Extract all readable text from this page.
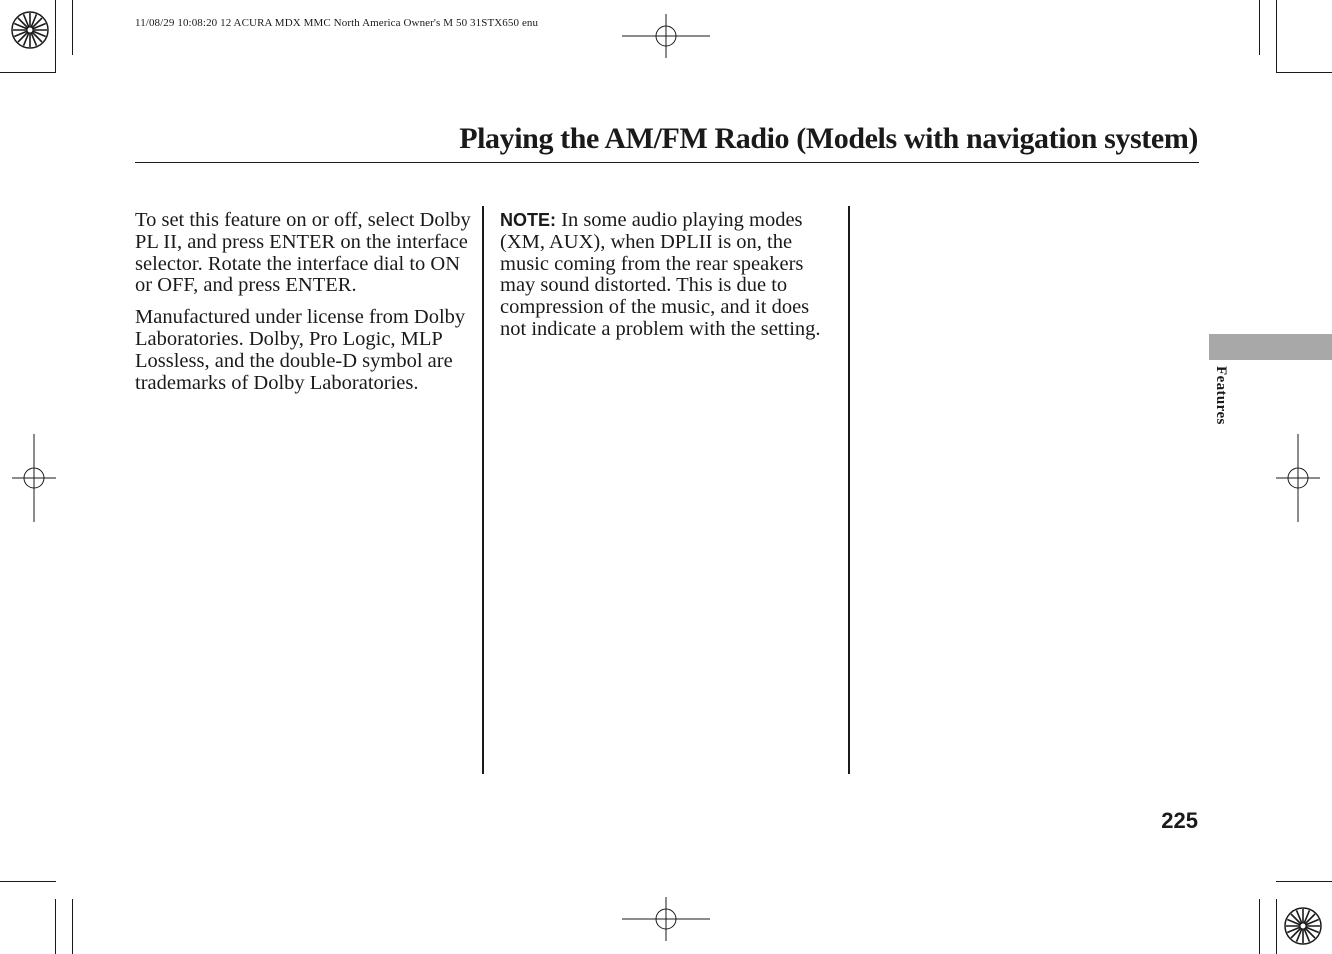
11/08/29 10:08:20 12 ACURA MDX MMC North America Owner's M 50 31STX650 enu
Playing the AM/FM Radio (Models with navigation system)

To set this feature on or off, select Dolby PL II, and press ENTER on the interface selector. Rotate the interface dial to ON or OFF, and press ENTER.

Manufactured under license from Dolby Laboratories. Dolby, Pro Logic, MLP Lossless, and the double-D symbol are trademarks of Dolby Laboratories.

NOTE: In some audio playing modes (XM, AUX), when DPLII is on, the music coming from the rear speakers may sound distorted. This is due to compression of the music, and it does not indicate a problem with the setting.

Features
225
